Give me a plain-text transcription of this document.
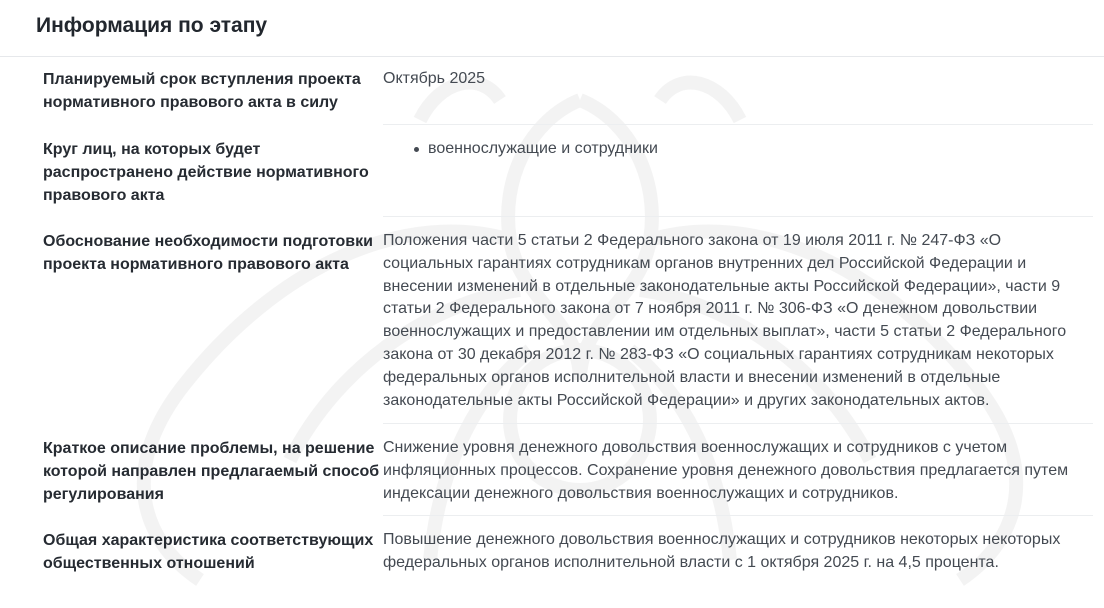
Информация по этапу
Планируемый срок вступления проекта нормативного правового акта в силу

Октябрь 2025

Круг лиц, на которых будет распространено действие нормативного правового акта
военнослужащие и сотрудники
Обоснование необходимости подготовки проекта нормативного правового акта

Положения части 5 статьи 2 Федерального закона от 19 июля 2011 г. № 247-ФЗ «О социальных гарантиях сотрудникам органов внутренних дел Российской Федерации и внесении изменений в отдельные законодательные акты Российской Федерации», части 9 статьи 2 Федерального закона от 7 ноября 2011 г. № 306-ФЗ «О денежном довольствии военнослужащих и предоставлении им отдельных выплат», части 5 статьи 2 Федерального закона от 30 декабря 2012 г. № 283-ФЗ «О социальных гарантиях сотрудникам некоторых федеральных органов исполнительной власти и внесении изменений в отдельные законодательные акты Российской Федерации» и других законодательных актов.

Краткое описание проблемы, на решение которой направлен предлагаемый способ регулирования

Снижение уровня денежного довольствия военнослужащих и сотрудников с учетом инфляционных процессов. Сохранение уровня денежного довольствия предлагается путем индексации денежного довольствия военнослужащих и сотрудников.

Общая характеристика соответствующих общественных отношений

Повышение денежного довольствия военнослужащих и сотрудников некоторых некоторых федеральных органов исполнительной власти с 1 октября 2025 г. на 4,5 процента.
